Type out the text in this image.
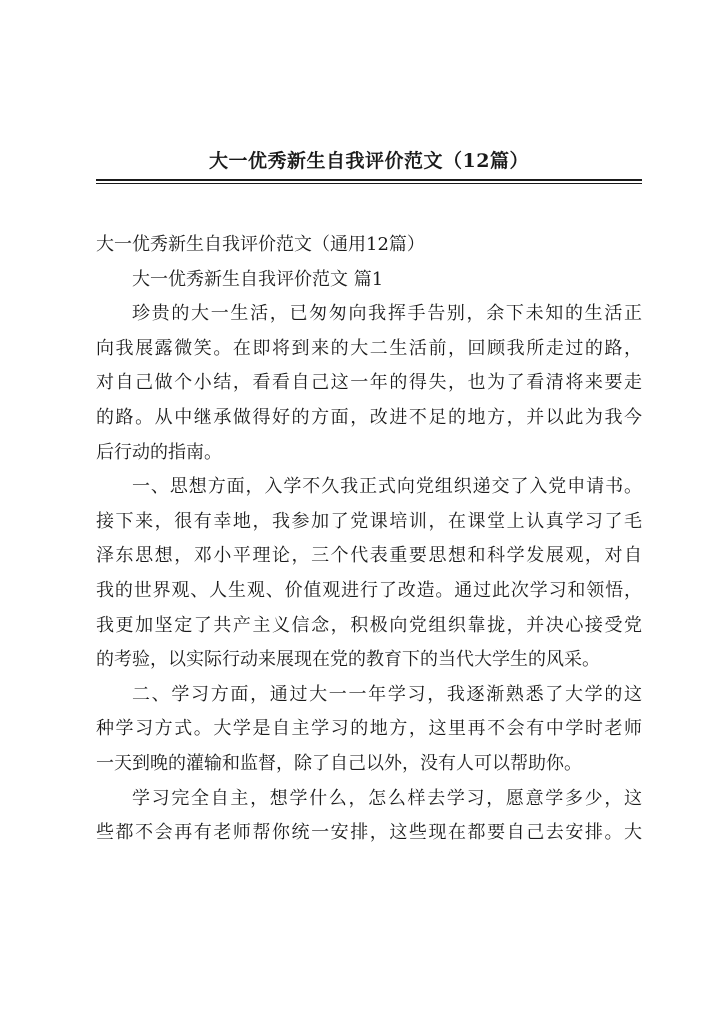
大一优秀新生自我评价范文（12篇）
大一优秀新生自我评价范文（通用12篇）
大一优秀新生自我评价范文 篇1
珍贵的大一生活，已匆匆向我挥手告别，余下未知的生活正
向我展露微笑。在即将到来的大二生活前，回顾我所走过的路，
对自己做个小结，看看自己这一年的得失，也为了看清将来要走
的路。从中继承做得好的方面，改进不足的地方，并以此为我今
后行动的指南。
一、思想方面，入学不久我正式向党组织递交了入党申请书。
接下来，很有幸地，我参加了党课培训，在课堂上认真学习了毛
泽东思想，邓小平理论，三个代表重要思想和科学发展观，对自
我的世界观、人生观、价值观进行了改造。通过此次学习和领悟，
我更加坚定了共产主义信念，积极向党组织靠拢，并决心接受党
的考验，以实际行动来展现在党的教育下的当代大学生的风采。
二、学习方面，通过大一一年学习，我逐渐熟悉了大学的这
种学习方式。大学是自主学习的地方，这里再不会有中学时老师
一天到晚的灌输和监督，除了自己以外，没有人可以帮助你。
学习完全自主，想学什么，怎么样去学习，愿意学多少，这
些都不会再有老师帮你统一安排，这些现在都要自己去安排。大
